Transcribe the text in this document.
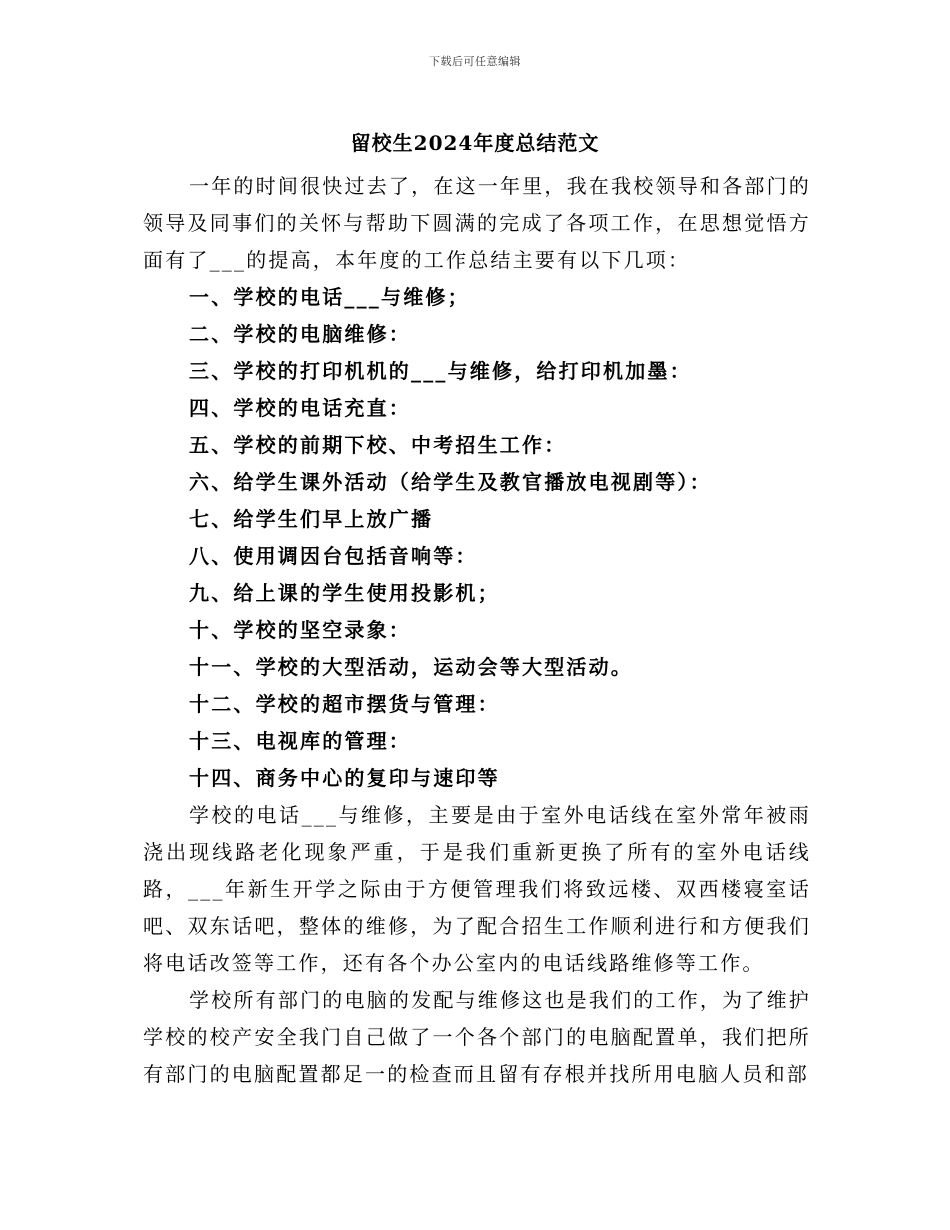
下载后可任意编辑
留校生2024年度总结范文

一年的时间很快过去了，在这一年里，我在我校领导和各部门的领导及同事们的关怀与帮助下圆满的完成了各项工作，在思想觉悟方面有了___的提高，本年度的工作总结主要有以下几项：

一、学校的电话___与维修；
二、学校的电脑维修：
三、学校的打印机机的___与维修，给打印机加墨：
四、学校的电话充直：
五、学校的前期下校、中考招生工作：
六、给学生课外活动（给学生及教官播放电视剧等）：
七、给学生们早上放广播
八、使用调因台包括音响等：
九、给上课的学生使用投影机；
十、学校的坚空录象：
十一、学校的大型活动，运动会等大型活动。
十二、学校的超市摆货与管理：
十三、电视库的管理：
十四、商务中心的复印与速印等

学校的电话___与维修，主要是由于室外电话线在室外常年被雨浇出现线路老化现象严重，于是我们重新更换了所有的室外电话线路，___年新生开学之际由于方便管理我们将致远楼、双西楼寝室话吧、双东话吧，整体的维修，为了配合招生工作顺利进行和方便我们将电话改签等工作，还有各个办公室内的电话线路维修等工作。

学校所有部门的电脑的发配与维修这也是我们的工作，为了维护学校的校产安全我门自己做了一个各个部门的电脑配置单，我们把所有部门的电脑配置都足一的检查而且留有存根并找所用电脑人员和部
